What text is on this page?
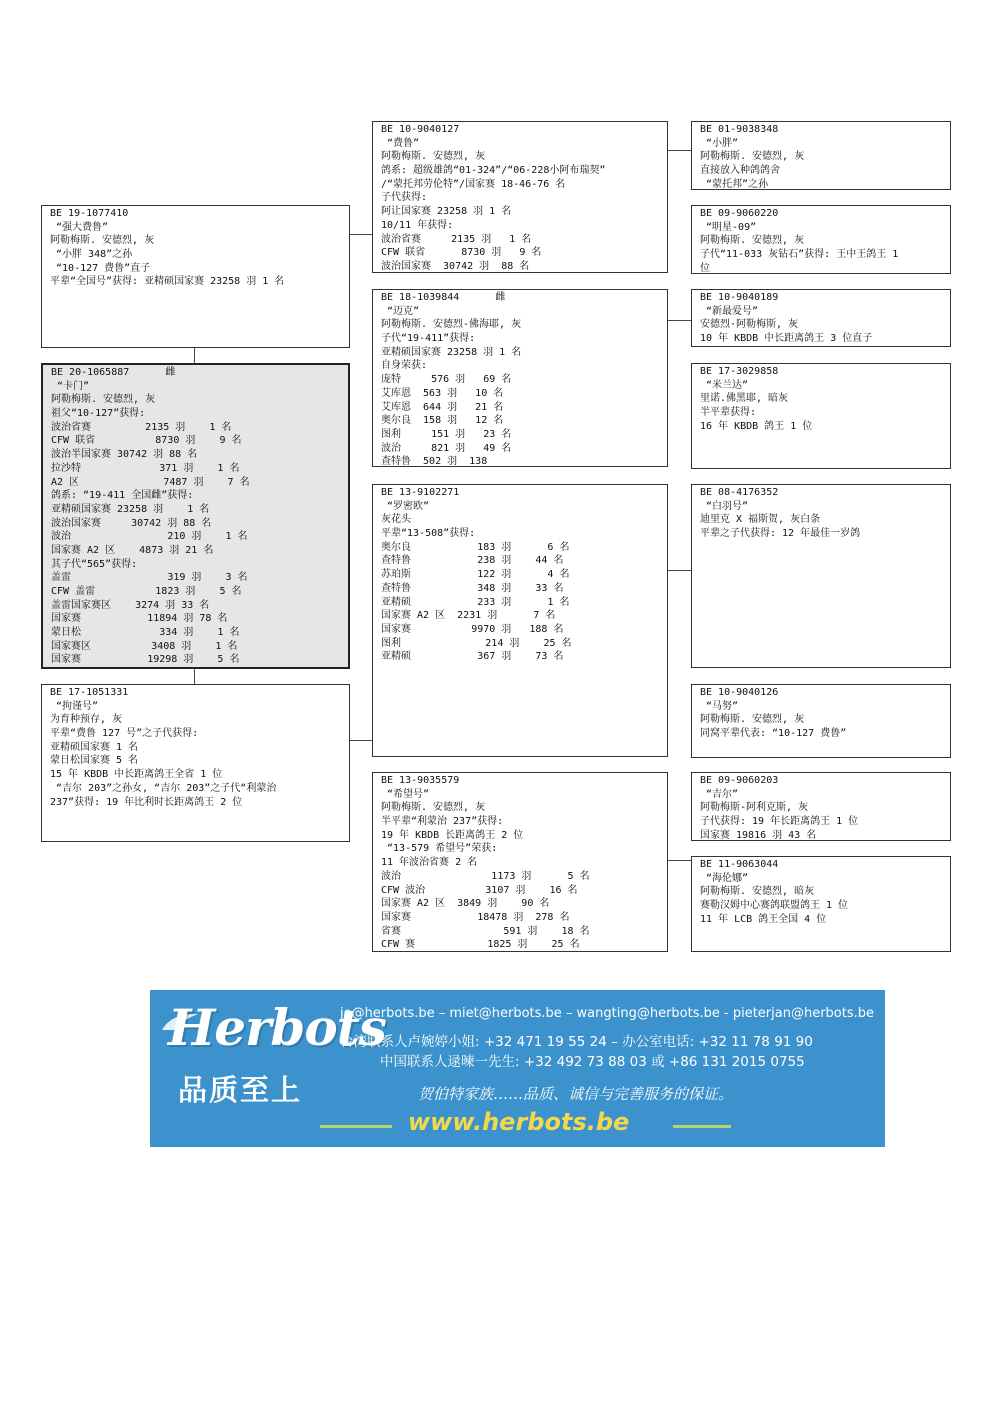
BE 10-9040127
“费鲁”
阿勒梅斯. 安德烈, 灰
鸽系: 超级雄鸽“01-324”/“06-228小阿布瑞契”
/“蒙托邦劳伦特”/国家赛 18-46-76 名
子代获得:
阿让国家赛 23258 羽 1 名
10/11 年获得:
波治省赛     2135 羽   1 名
CFW 联省      8730 羽   9 名
波治国家赛  30742 羽  88 名
BE 01-9038348
“小胖”
阿勒梅斯. 安德烈, 灰
直接放入种鸽鸽舍
“蒙托邦”之孙
BE 19-1077410
“强大费鲁”
阿勒梅斯. 安德烈, 灰
“小胖 348”之孙
“10-127 费鲁”直子
平辈“全国号”获得: 亚精硕国家赛 23258 羽 1 名
BE 09-9060220
“明星-09”
阿勒梅斯. 安德烈, 灰
子代“11-033 灰钻石”获得: 王中王鸽王 1
位
BE 18-1039844      雌
“迈克”
阿勒梅斯. 安德烈-佛海耶, 灰
子代“19-411”获得:
亚精硕国家赛 23258 羽 1 名
自身荣获:
庞特     576 羽   69 名
艾库恩  563 羽   10 名
艾库恩  644 羽   21 名
奥尔良  158 羽   12 名
图利     151 羽   23 名
波治     821 羽   49 名
查特鲁  502 羽  138
BE 10-9040189
“新最爱号”
安德烈·阿勒梅斯, 灰
10 年 KBDB 中长距离鸽王 3 位直子
BE 20-1065887      雌
“卡门”
阿勒梅斯. 安德烈, 灰
祖父“10-127”获得:
波治省赛         2135 羽    1 名
CFW 联省          8730 羽    9 名
波治半国家赛 30742 羽 88 名
拉沙特             371 羽    1 名
A2 区              7487 羽    7 名
鸽系: “19-411 全国雌”获得:
亚精硕国家赛 23258 羽    1 名
波治国家赛     30742 羽 88 名
波治                210 羽    1 名
国家赛 A2 区    4873 羽 21 名
其子代“565”获得:
盖雷                319 羽    3 名
CFW 盖雷          1823 羽    5 名
盖雷国家赛区    3274 羽 33 名
国家赛           11894 羽 78 名
蒙日松             334 羽    1 名
国家赛区          3408 羽    1 名
国家赛           19298 羽    5 名
BE 17-3029858
“米兰达”
里诺.佛黑耶, 暗灰
半平辈获得:
16 年 KBDB 鸽王 1 位
BE 13-9102271
“罗密欧”
灰花头
平辈“13-508”获得:
奥尔良           183 羽      6 名
查特鲁           238 羽    44 名
苏珀斯           122 羽      4 名
查特鲁           348 羽    33 名
亚精硕           233 羽      1 名
国家赛 A2 区  2231 羽      7 名
国家赛          9970 羽   188 名
图利              214 羽    25 名
亚精硕           367 羽    73 名
BE 08-4176352
“白羽号”
迪里克 X 福斯贺, 灰白条
平辈之子代获得: 12 年最佳一岁鸽
BE 17-1051331
“拘谨号”
为育种预存, 灰
平辈“费鲁 127 号”之子代获得:
亚精硕国家赛 1 名
蒙日松国家赛 5 名
15 年 KBDB 中长距离鸽王全省 1 位
“吉尔 203”之孙女, “吉尔 203”之子代“利蒙治
237”获得: 19 年比利时长距离鸽王 2 位
BE 10-9040126
“马努”
阿勒梅斯. 安德烈, 灰
同窝平辈代表: “10-127 费鲁”
BE 13-9035579
“希望号”
阿勒梅斯. 安德烈, 灰
半平辈“利蒙治 237”获得:
19 年 KBDB 长距离鸽王 2 位
“13-579 希望号”荣获:
11 年波治省赛 2 名
波治               1173 羽      5 名
CFW 波治          3107 羽    16 名
国家赛 A2 区  3849 羽    90 名
国家赛           18478 羽  278 名
省赛                 591 羽    18 名
CFW 赛            1825 羽    25 名
BE 09-9060203
“吉尔”
阿勒梅斯-阿利克斯, 灰
子代获得: 19 年长距离鸽王 1 位
国家赛 19816 羽 43 名
BE 11-9063044
“海伦娜”
阿勒梅斯. 安德烈, 暗灰
赛勒汉姆中心赛鸽联盟鸽王 1 位
11 年 LCB 鸽王全国 4 位
Herbots
品质至上
jo@herbots.be – miet@herbots.be – wangting@herbots.be - pieterjan@herbots.be
台湾联系人卢婉婷小姐: +32 471 19 55 24 – 办公室电话: +32 11 78 91 90
中国联系人逯暕一先生: +32 492 73 88 03 或 +86 131 2015 0755
贺伯特家族……品质、诚信与完善服务的保证。
www.herbots.be
